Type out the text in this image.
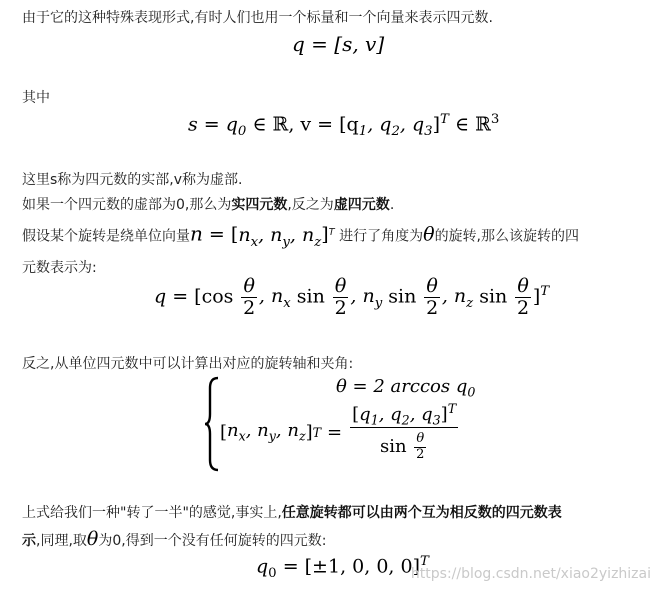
由于它的这种特殊表现形式,有时人们也用一个标量和一个向量来表示四元数.
q = [s, v]
其中
$s = q_0$ ∈ ℝ, $v = [q_1$, $q_2$, $q_3]^T$ ∈ ℝ$^3$
这里s称为四元数的实部,v称为虚部.
如果一个四元数的虚部为0,那么为实四元数,反之为虚四元数.
假设某个旋转是绕单位向量$n = [n_x$, $n_y$, $n_z]^T$ 进行了角度为θ的旋转,那么该旋转的四
元数表示为:
$q = [\cos \frac{\theta}{2}$ , $n_x$ $\sin \frac{\theta}{2}$ , $n_y$ $\sin \frac{\theta}{2}$ , $n_z$ $\sin \frac{\theta}{2} ]^T$
反之,从单位四元数中可以计算出对应的旋转轴和夹角:
θ = 2 $\arccos q_0$
[ $n_x$, $n_y$, $n_z$ ] $T = \frac{[q_1, q_2, q_3]^T}{\sin \frac{\theta}{2}}$
上式给我们一种"转了一半"的感觉,事实上,任意旋转都可以由两个互为相反数的四元数表
示,同理,取θ为0,得到一个没有任何旋转的四元数:
$q_0 = [\pm 1$, 0, 0, 0]$^T$
https://blog.csdn.net/xiao2yizhizai
